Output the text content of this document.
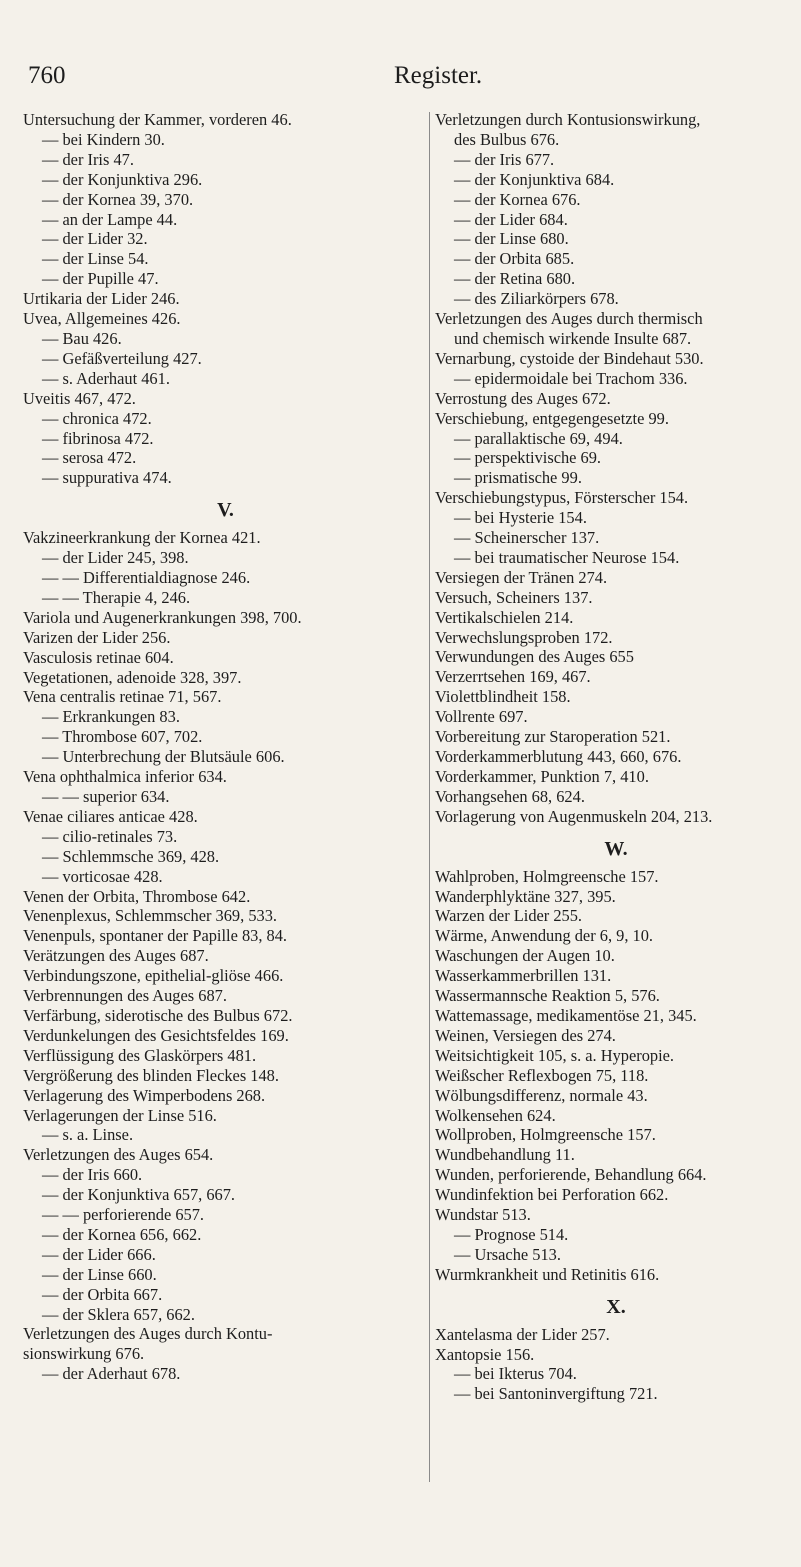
760	Register.
Untersuchung der Kammer, vorderen 46.
— bei Kindern 30.
— der Iris 47.
— der Konjunktiva 296.
— der Kornea 39, 370.
— an der Lampe 44.
— der Lider 32.
— der Linse 54.
— der Pupille 47.
Urtikaria der Lider 246.
Uvea, Allgemeines 426.
— Bau 426.
— Gefäßverteilung 427.
— s. Aderhaut 461.
Uveitis 467, 472.
— chronica 472.
— fibrinosa 472.
— serosa 472.
— suppurativa 474.
V.
Vakzineerkrankung der Kornea 421.
— der Lider 245, 398.
— — Differentialdiagnose 246.
— — Therapie 4, 246.
Variola und Augenerkrankungen 398, 700.
Varizen der Lider 256.
Vasculosis retinae 604.
Vegetationen, adenoide 328, 397.
Vena centralis retinae 71, 567.
— Erkrankungen 83.
— Thrombose 607, 702.
— Unterbrechung der Blutsäule 606.
Vena ophthalmica inferior 634.
— — superior 634.
Venae ciliares anticae 428.
— cilio-retinales 73.
— Schlemmsche 369, 428.
— vorticosae 428.
Venen der Orbita, Thrombose 642.
Venenplexus, Schlemmscher 369, 533.
Venenpuls, spontaner der Papille 83, 84.
Verätzungen des Auges 687.
Verbindungszone, epithelial-gliöse 466.
Verbrennungen des Auges 687.
Verfärbung, siderotische des Bulbus 672.
Verdunkelungen des Gesichtsfeldes 169.
Verflüssigung des Glaskörpers 481.
Vergrößerung des blinden Fleckes 148.
Verlagerung des Wimperbodens 268.
Verlagerungen der Linse 516.
— s. a. Linse.
Verletzungen des Auges 654.
— der Iris 660.
— der Konjunktiva 657, 667.
— — perforierende 657.
— der Kornea 656, 662.
— der Lider 666.
— der Linse 660.
— der Orbita 667.
— der Sklera 657, 662.
Verletzungen des Auges durch Kontu-
sionswirkung 676.
— der Aderhaut 678.
Verletzungen durch Kontusionswirkung,
des Bulbus 676.
— der Iris 677.
— der Konjunktiva 684.
— der Kornea 676.
— der Lider 684.
— der Linse 680.
— der Orbita 685.
— der Retina 680.
— des Ziliarkörpers 678.
Verletzungen des Auges durch thermisch
und chemisch wirkende Insulte 687.
Vernarbung, cystoide der Bindehaut 530.
— epidermoidale bei Trachom 336.
Verrostung des Auges 672.
Verschiebung, entgegengesetzte 99.
— parallaktische 69, 494.
— perspektivische 69.
— prismatische 99.
Verschiebungstypus, Försterscher 154.
— bei Hysterie 154.
— Scheinerscher 137.
— bei traumatischer Neurose 154.
Versiegen der Tränen 274.
Versuch, Scheiners 137.
Vertikalschielen 214.
Verwechslungsproben 172.
Verwundungen des Auges 655
Verzerrtsehen 169, 467.
Violettblindheit 158.
Vollrente 697.
Vorbereitung zur Staroperation 521.
Vorderkammerblutung 443, 660, 676.
Vorderkammer, Punktion 7, 410.
Vorhangsehen 68, 624.
Vorlagerung von Augenmuskeln 204, 213.
W.
Wahlproben, Holmgreensche 157.
Wanderphlyktäne 327, 395.
Warzen der Lider 255.
Wärme, Anwendung der 6, 9, 10.
Waschungen der Augen 10.
Wasserkammerbrillen 131.
Wassermannsche Reaktion 5, 576.
Wattemassage, medikamentöse 21, 345.
Weinen, Versiegen des 274.
Weitsichtigkeit 105, s. a. Hyperopie.
Weißscher Reflexbogen 75, 118.
Wölbungsdifferenz, normale 43.
Wolkensehen 624.
Wollproben, Holmgreensche 157.
Wundbehandlung 11.
Wunden, perforierende, Behandlung 664.
Wundinfektion bei Perforation 662.
Wundstar 513.
— Prognose 514.
— Ursache 513.
Wurmkrankheit und Retinitis 616.
X.
Xantelasma der Lider 257.
Xantopsie 156.
— bei Ikterus 704.
— bei Santoninvergiftung 721.
